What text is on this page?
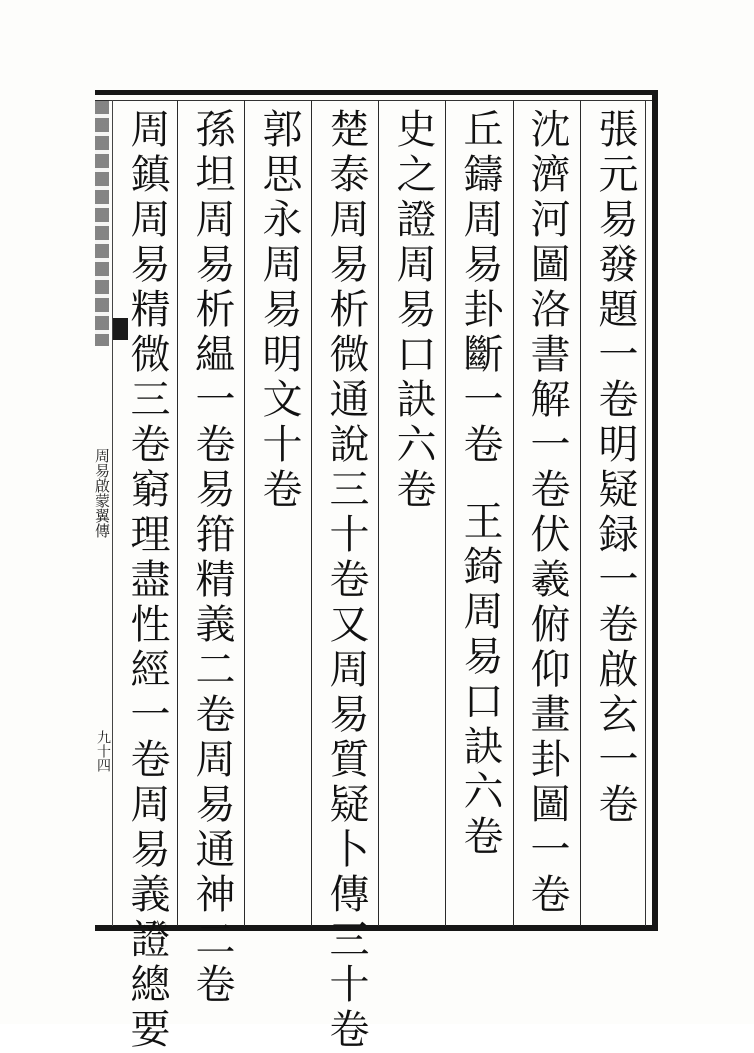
周易啟蒙翼傳
九十四	張元易發題一卷明疑録一卷啟玄一卷
沈濟河圖洛書解一卷伏羲俯仰畫卦圖一卷
丘鑄周易卦斷一卷
王錡周易口訣六卷
史之證周易口訣六卷
楚泰周易析微通說三十卷又周易質疑卜傳三十卷
郭思永周易明文十卷
孫坦周易析緼一卷易箝精義二卷周易通神二卷
周鎮周易精微三卷窮理盡性經一卷周易義證總要
